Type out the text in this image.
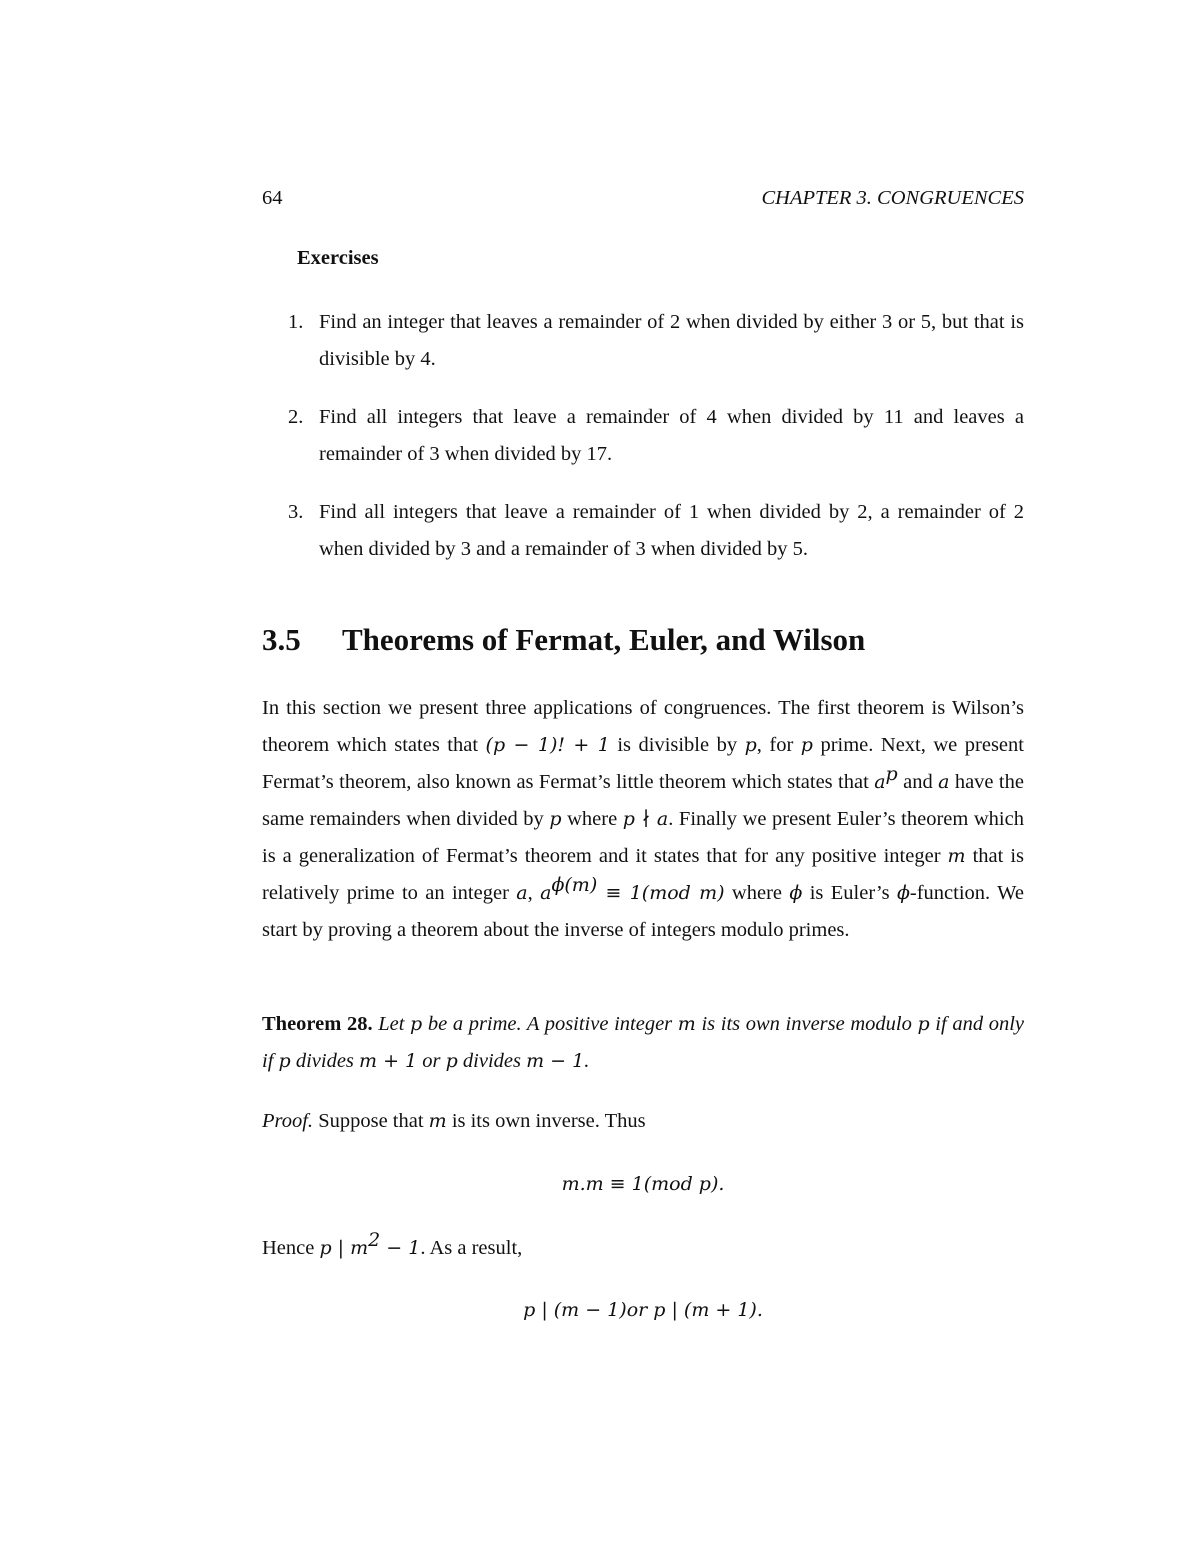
64	CHAPTER 3. CONGRUENCES
Exercises
1. Find an integer that leaves a remainder of 2 when divided by either 3 or 5, but that is divisible by 4.
2. Find all integers that leave a remainder of 4 when divided by 11 and leaves a remainder of 3 when divided by 17.
3. Find all integers that leave a remainder of 1 when divided by 2, a remainder of 2 when divided by 3 and a remainder of 3 when divided by 5.
3.5 Theorems of Fermat, Euler, and Wilson

In this section we present three applications of congruences. The first theorem is Wilson’s theorem which states that (p − 1)! + 1 is divisible by p, for p prime. Next, we present Fermat’s theorem, also known as Fermat’s little theorem which states that $a^p$ and a have the same remainders when divided by p where p ∤ a. Finally we present Euler’s theorem which is a generalization of Fermat’s theorem and it states that for any positive integer m that is relatively prime to an integer a, $a^{\phi(m)} \equiv 1(mod$ m) where ϕ is Euler’s ϕ-function. We start by proving a theorem about the inverse of integers modulo primes.

Theorem 28. Let p be a prime. A positive integer m is its own inverse modulo p if and only if p divides m + 1 or p divides m − 1.

Proof. Suppose that m is its own inverse. Thus

m.m ≡ 1(mod p).

Hence p | $m^2 - 1$. As a result,

p | (m − 1)or p | (m + 1).
